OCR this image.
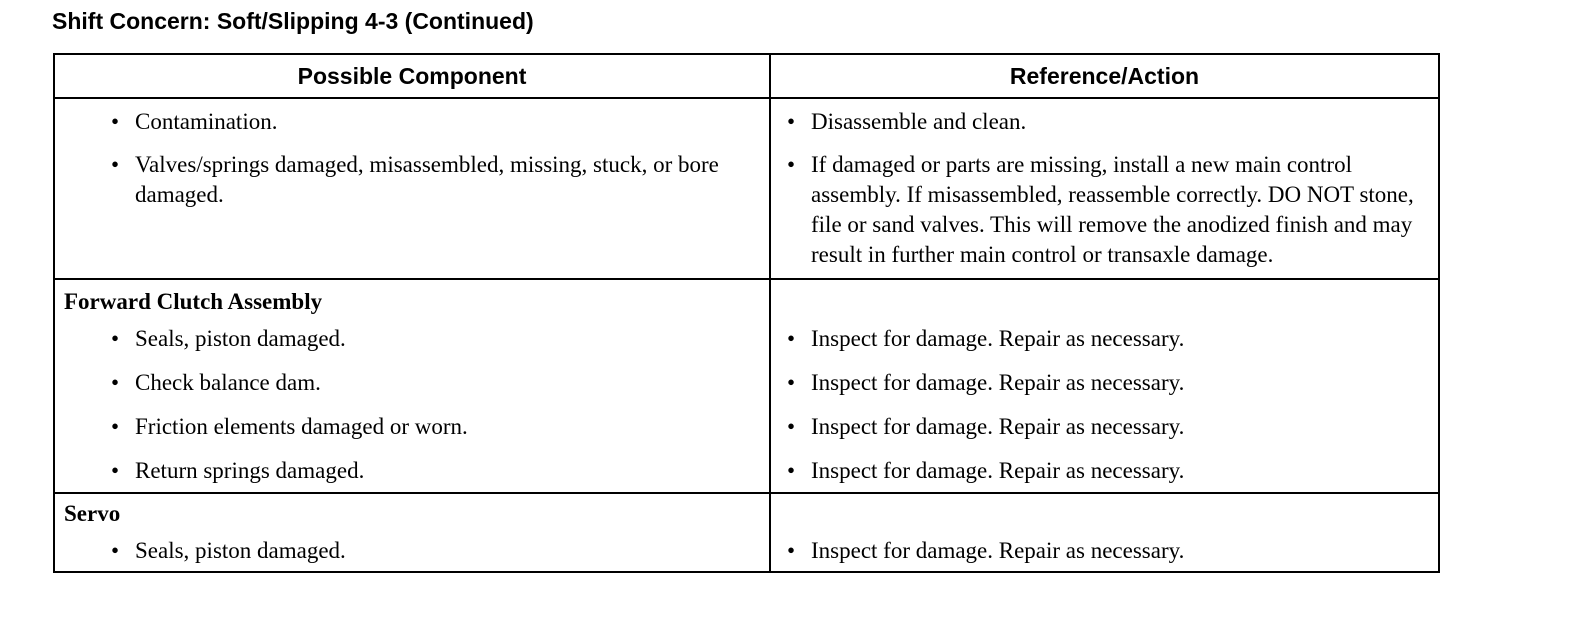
Shift Concern: Soft/Slipping 4-3 (Continued)
Possible Component	Reference/Action

• Contamination.	• Disassemble and clean.

• Valves/springs damaged, misassembled, missing, stuck, or bore damaged.	• If damaged or parts are missing, install a new main control assembly. If misassembled, reassemble correctly. DO NOT stone, file or sand valves. This will remove the anodized finish and may result in further main control or transaxle damage.

Forward Clutch Assembly	

• Seals, piston damaged.	• Inspect for damage. Repair as necessary.

• Check balance dam.	• Inspect for damage. Repair as necessary.

• Friction elements damaged or worn.	• Inspect for damage. Repair as necessary.

• Return springs damaged.	• Inspect for damage. Repair as necessary.

Servo	

• Seals, piston damaged.	• Inspect for damage. Repair as necessary.
